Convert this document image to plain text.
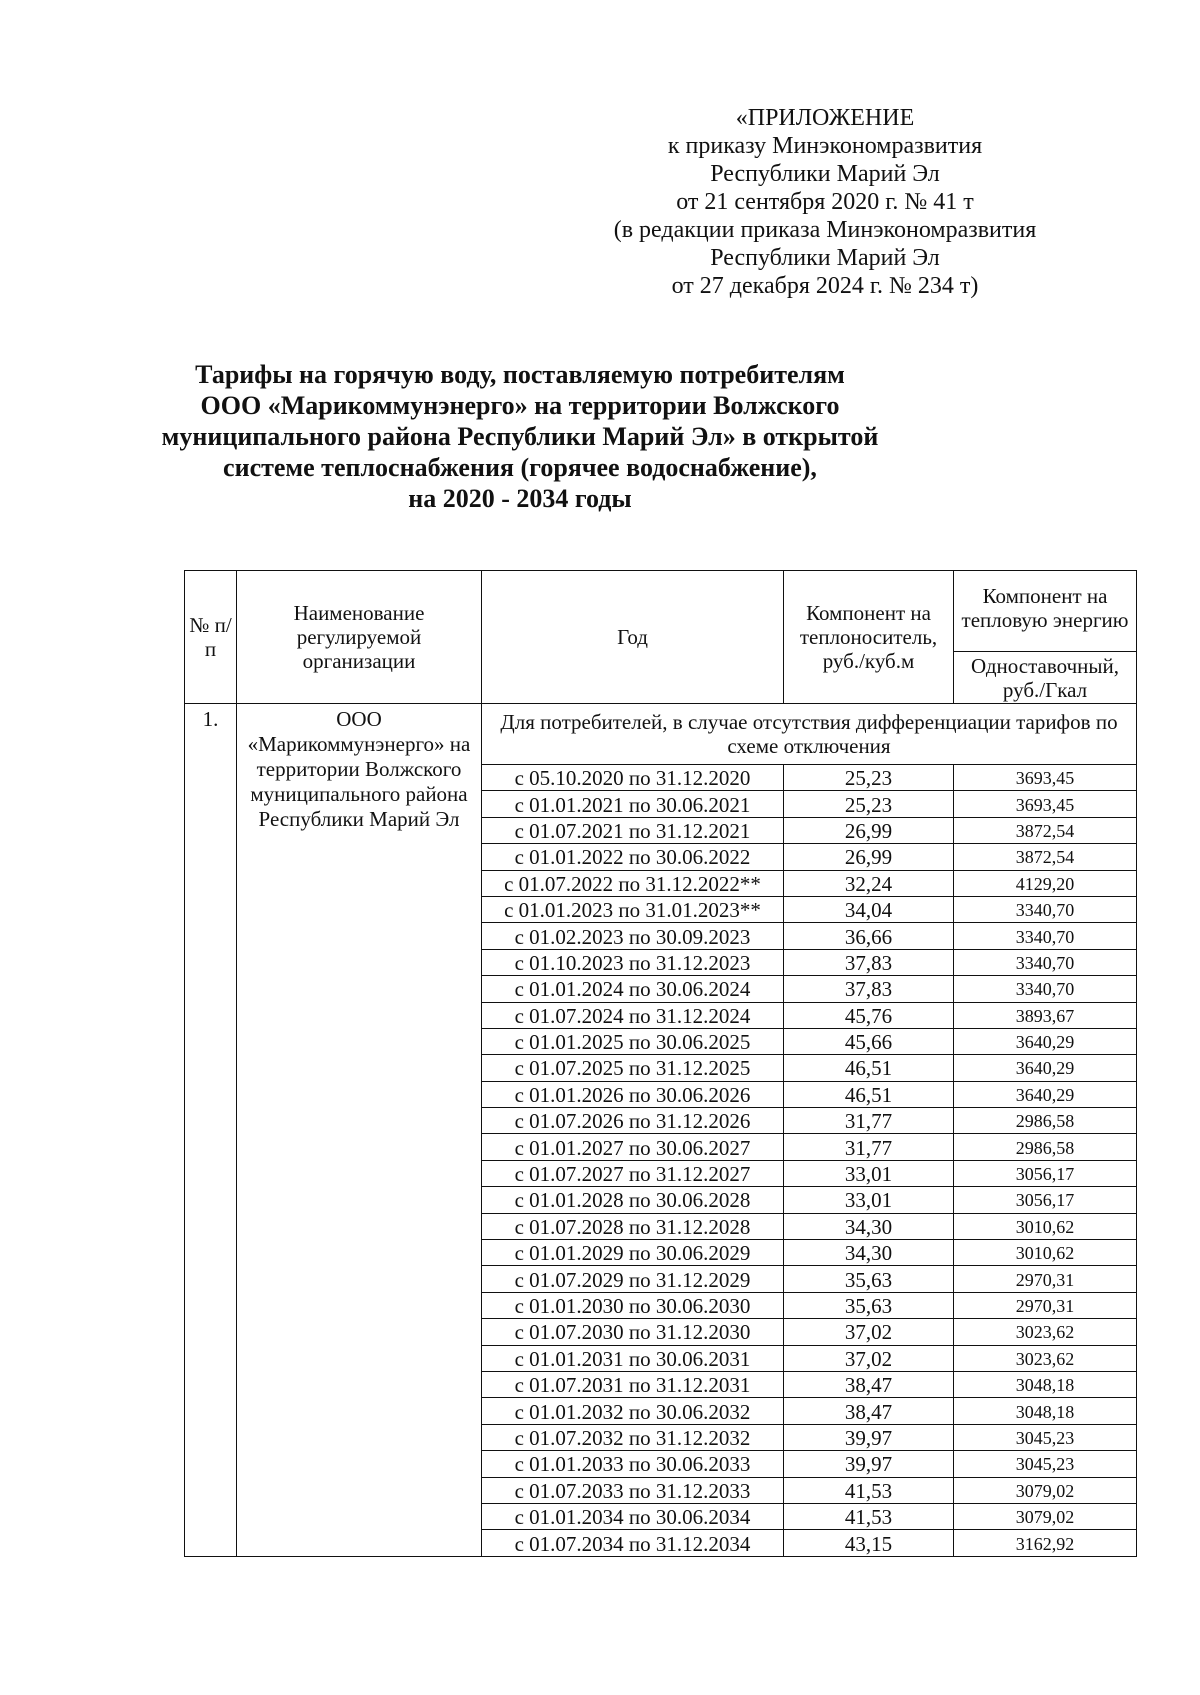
«ПРИЛОЖЕНИЕ
к приказу Минэкономразвития
Республики Марий Эл
от 21 сентября 2020 г. № 41 т
(в редакции приказа Минэкономразвития
Республики Марий Эл
от 27 декабря 2024 г. № 234 т)
Тарифы на горячую воду, поставляемую потребителям
ООО «Марикоммунэнерго» на территории Волжского
муниципального района Республики Марий Эл» в открытой
системе теплоснабжения (горячее водоснабжение),
на 2020 - 2034 годы
№ п/п	Наименование регулируемой организации	Год	Компонент на теплоноситель, руб./куб.м	Компонент на тепловую энергию
				Одноставочный, руб./Гкал
1.	ООО «Марикоммунэнерго» на территории Волжского муниципального района Республики Марий Эл	Для потребителей, в случае отсутствия дифференциации тарифов по схеме отключения		
		с 05.10.2020 по 31.12.2020	25,23	3693,45
		с 01.01.2021 по 30.06.2021	25,23	3693,45
		с 01.07.2021 по 31.12.2021	26,99	3872,54
		с 01.01.2022 по 30.06.2022	26,99	3872,54
		с 01.07.2022 по 31.12.2022**	32,24	4129,20
		с 01.01.2023 по 31.01.2023**	34,04	3340,70
		с 01.02.2023 по 30.09.2023	36,66	3340,70
		с 01.10.2023 по 31.12.2023	37,83	3340,70
		с 01.01.2024 по 30.06.2024	37,83	3340,70
		с 01.07.2024 по 31.12.2024	45,76	3893,67
		с 01.01.2025 по 30.06.2025	45,66	3640,29
		с 01.07.2025 по 31.12.2025	46,51	3640,29
		с 01.01.2026 по 30.06.2026	46,51	3640,29
		с 01.07.2026 по 31.12.2026	31,77	2986,58
		с 01.01.2027 по 30.06.2027	31,77	2986,58
		с 01.07.2027 по 31.12.2027	33,01	3056,17
		с 01.01.2028 по 30.06.2028	33,01	3056,17
		с 01.07.2028 по 31.12.2028	34,30	3010,62
		с 01.01.2029 по 30.06.2029	34,30	3010,62
		с 01.07.2029 по 31.12.2029	35,63	2970,31
		с 01.01.2030 по 30.06.2030	35,63	2970,31
		с 01.07.2030 по 31.12.2030	37,02	3023,62
		с 01.01.2031 по 30.06.2031	37,02	3023,62
		с 01.07.2031 по 31.12.2031	38,47	3048,18
		с 01.01.2032 по 30.06.2032	38,47	3048,18
		с 01.07.2032 по 31.12.2032	39,97	3045,23
		с 01.01.2033 по 30.06.2033	39,97	3045,23
		с 01.07.2033 по 31.12.2033	41,53	3079,02
		с 01.01.2034 по 30.06.2034	41,53	3079,02
		с 01.07.2034 по 31.12.2034	43,15	3162,92
